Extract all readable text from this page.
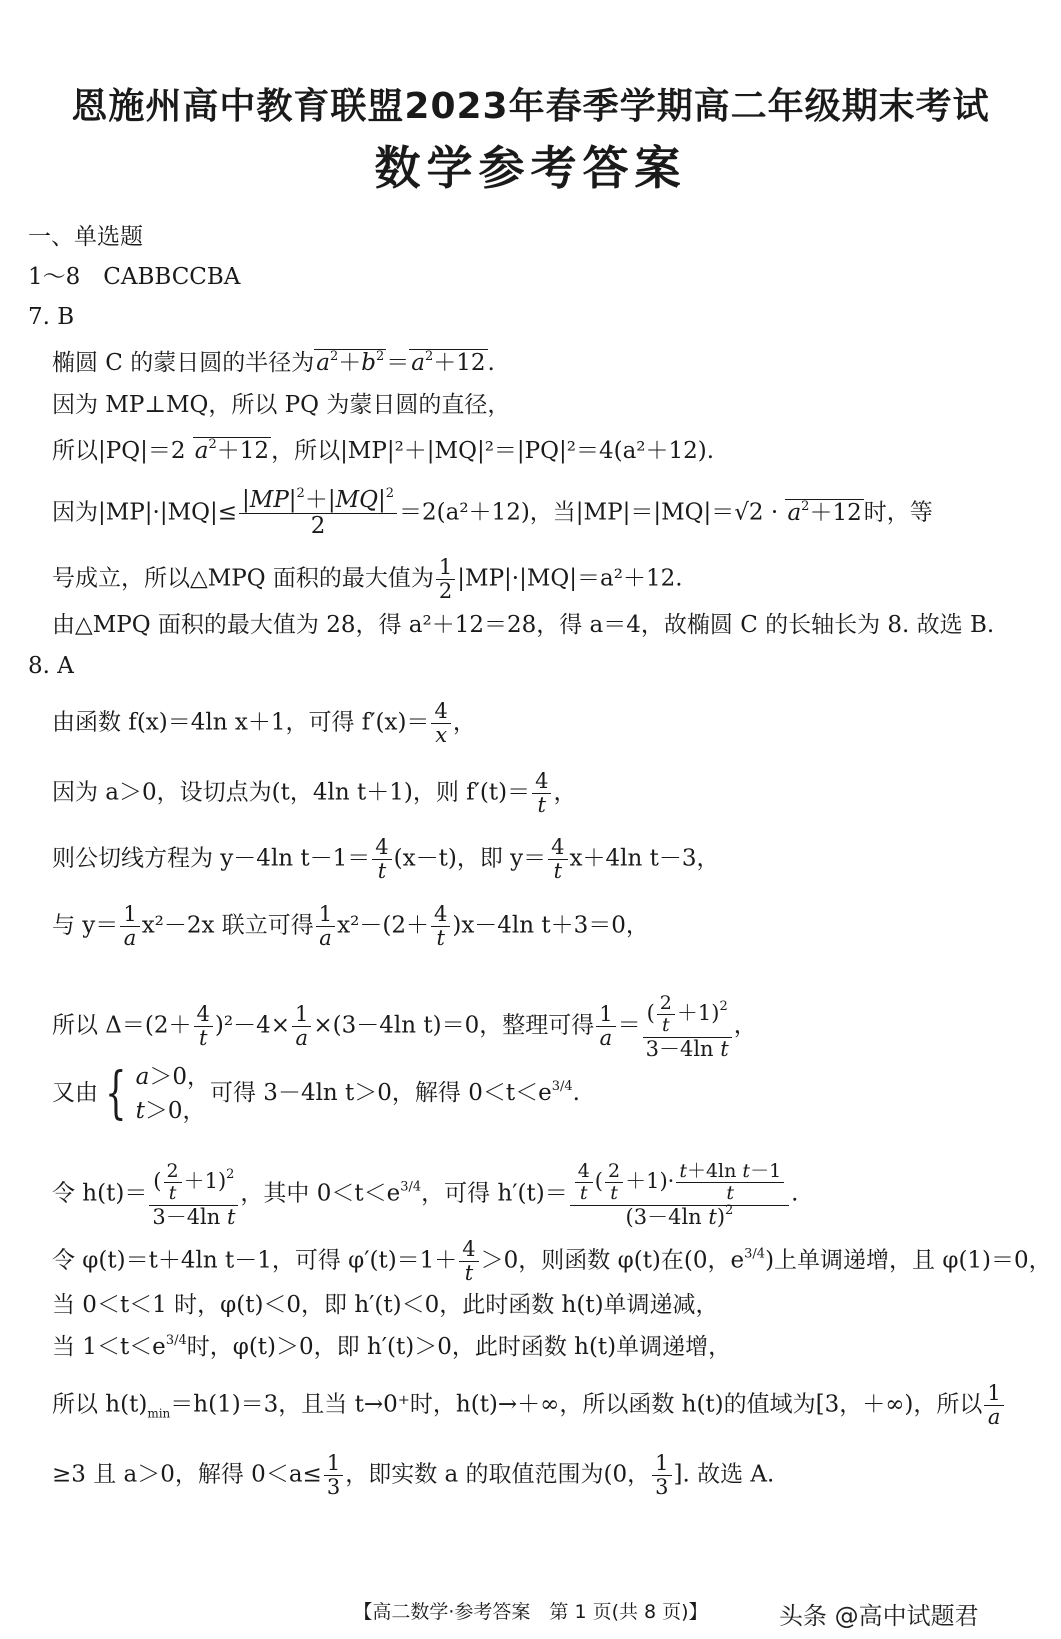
恩施州高中教育联盟2023年春季学期高二年级期末考试
数学参考答案
一、单选题
1～8　CABBCCBA
7. B
椭圆 C 的蒙日圆的半径为$a^2+b^2=a^2+12$.
因为 MP⊥MQ，所以 PQ 为蒙日圆的直径，
所以|PQ|＝2 $a^2+12$，所以|MP|²＋|MQ|²＝|PQ|²＝4(a²＋12).
因为$|MP|\cdot|MQ|\le \frac{|MP|^2+|MQ|^2}{2} =2(a^2+12)$，当$|MP|=|MQ|=√2 \cdot a^2+12$时，等
号成立，所以△MPQ 面积的最大值为 $\frac{1}{2} |MP|\cdot|MQ|=a^2+12$.
由△MPQ 面积的最大值为 28，得 a²＋12＝28，得 a＝4，故椭圆 C 的长轴长为 8. 故选 B.
8. A
由函数 f(x)＝4ln x＋1，可得 $f'(x)= \frac{4}{x}$ ，
因为 a＞0，设切点为(t，4ln t＋1)，则 $f'(t)= \frac{4}{t}$ ，
则公切线方程为 y－4ln $t-1= \frac{4}{t} (x-t)$，即 $y= \frac{4}{t} x+4\ln$ t－3，
与 $y= \frac{1}{a} x^2-2x$ 联立可得 $\frac{1}{a} x^2-(2+ \frac{4}{t} )x-4\ln$ t＋3＝0，
所以 $\Delta=(2+ \frac{4}{t} )^2-4\times \frac{1}{a} \times(3-4\ln$ t)＝0，整理可得 $\frac{1}{a} = \frac{( \frac{2}{t} +1)^2}{\text{3－4ln t}}$ ，
又由 { a＞0，
t＞0，可得 3－4ln t＞0，解得 $0<t<e^{3/4}$.
令 $h(t)= \frac{( \frac{2}{t} +1)^2}{\text{3－4ln t}}$ ，其中 $0<t<e^{3/4}$，可得 $h'(t)= \frac{\frac{4}{t} ( \frac{2}{t} +1)\cdot \frac{\text{t＋4ln t－1}}{t}}{(3-4\ln t)^2}$ .
令 φ(t)＝t＋4ln t－1，可得 $\varphi'(t)=1+ \frac{4}{t} >0$，则函数 φ(t)在(0，$e^{3/4}$)上单调递增，且 φ(1)＝0，
当 0＜t＜1 时，φ(t)＜0，即 h′(t)＜0，此时函数 h(t)单调递减，
当 $1<t<e^{3/4}$时，φ(t)＞0，即 h′(t)＞0，此时函数 h(t)单调递增，
所以 $h(t)_{min}=h(1)=3$，且当 t→0⁺时，h(t)→＋∞，所以函数 h(t)的值域为[3，＋∞)，所以 $\frac{1}{a}$
≥3 且 a＞0，解得 $0<a\le \frac{1}{3}$ ，即实数 a 的取值范围为(0， $\frac{1}{3}$ ]. 故选 A.
【高二数学·参考答案　第 1 页(共 8 页)】	头条 @高中试题君
